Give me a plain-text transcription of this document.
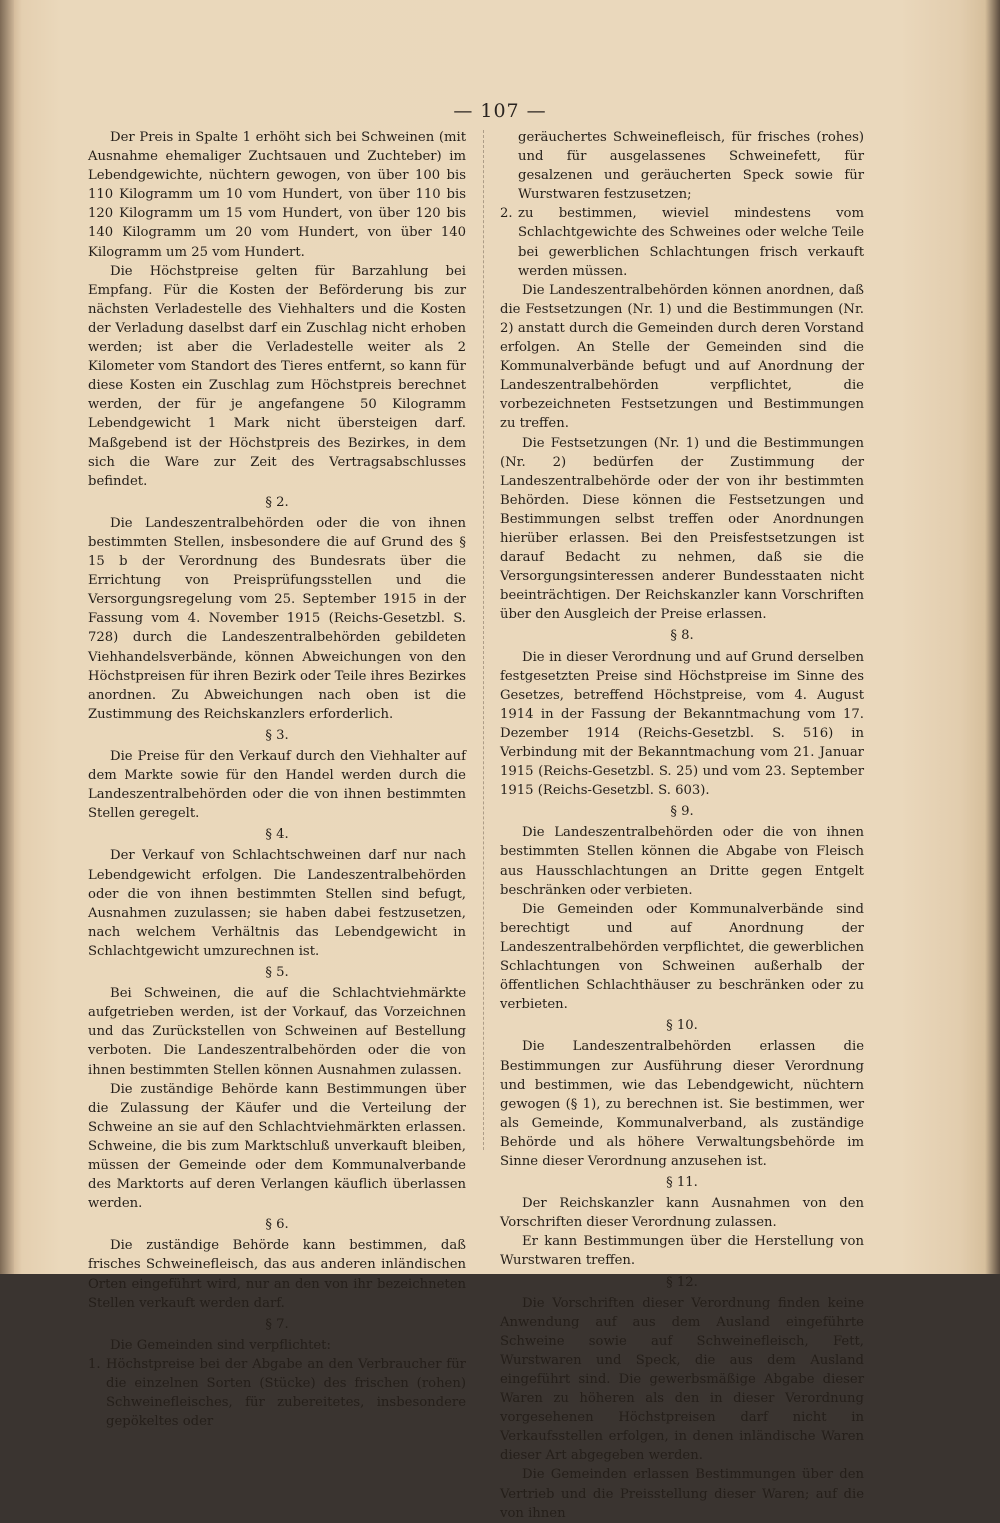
— 107 —

Der Preis in Spalte 1 erhöht sich bei Schweinen (mit Ausnahme ehemaliger Zuchtsauen und Zuchteber) im Lebendgewichte, nüchtern gewogen, von über 100 bis 110 Kilogramm um 10 vom Hundert, von über 110 bis 120 Kilogramm um 15 vom Hundert, von über 120 bis 140 Kilogramm um 20 vom Hundert, von über 140 Kilogramm um 25 vom Hundert.

Die Höchstpreise gelten für Barzahlung bei Empfang. Für die Kosten der Beförderung bis zur nächsten Verladestelle des Viehhalters und die Kosten der Verladung daselbst darf ein Zuschlag nicht erhoben werden; ist aber die Verladestelle weiter als 2 Kilometer vom Standort des Tieres entfernt, so kann für diese Kosten ein Zuschlag zum Höchstpreis berechnet werden, der für je angefangene 50 Kilogramm Lebendgewicht 1 Mark nicht übersteigen darf. Maßgebend ist der Höchstpreis des Bezirkes, in dem sich die Ware zur Zeit des Vertragsabschlusses befindet.

§ 2.

Die Landeszentralbehörden oder die von ihnen bestimmten Stellen, insbesondere die auf Grund des § 15 b der Verordnung des Bundesrats über die Errichtung von Preisprüfungsstellen und die Versorgungsregelung vom 25. September 1915 in der Fassung vom 4. November 1915 (Reichs-Gesetzbl. S. 728) durch die Landeszentralbehörden gebildeten Viehhandelsverbände, können Abweichungen von den Höchstpreisen für ihren Bezirk oder Teile ihres Bezirkes anordnen. Zu Abweichungen nach oben ist die Zustimmung des Reichskanzlers erforderlich.

§ 3.

Die Preise für den Verkauf durch den Viehhalter auf dem Markte sowie für den Handel werden durch die Landeszentralbehörden oder die von ihnen bestimmten Stellen geregelt.

§ 4.

Der Verkauf von Schlachtschweinen darf nur nach Lebendgewicht erfolgen. Die Landeszentralbehörden oder die von ihnen bestimmten Stellen sind befugt, Ausnahmen zuzulassen; sie haben dabei festzusetzen, nach welchem Verhältnis das Lebendgewicht in Schlachtgewicht umzurechnen ist.

§ 5.

Bei Schweinen, die auf die Schlachtviehmärkte aufgetrieben werden, ist der Vorkauf, das Vorzeichnen und das Zurückstellen von Schweinen auf Bestellung verboten. Die Landeszentralbehörden oder die von ihnen bestimmten Stellen können Ausnahmen zulassen.

Die zuständige Behörde kann Bestimmungen über die Zulassung der Käufer und die Verteilung der Schweine an sie auf den Schlachtviehmärkten erlassen. Schweine, die bis zum Marktschluß unverkauft bleiben, müssen der Gemeinde oder dem Kommunalverbande des Marktorts auf deren Verlangen käuflich überlassen werden.

§ 6.

Die zuständige Behörde kann bestimmen, daß frisches Schweinefleisch, das aus anderen inländischen Orten eingeführt wird, nur an den von ihr bezeichneten Stellen verkauft werden darf.

§ 7.

Die Gemeinden sind verpflichtet:

1. Höchstpreise bei der Abgabe an den Verbraucher für die einzelnen Sorten (Stücke) des frischen (rohen) Schweinefleisches, für zubereitetes, insbesondere gepökeltes oder
geräuchertes Schweinefleisch, für frisches (rohes) und für ausgelassenes Schweinefett, für gesalzenen und geräucherten Speck sowie für Wurstwaren festzusetzen;
2. zu bestimmen, wieviel mindestens vom Schlachtgewichte des Schweines oder welche Teile bei gewerblichen Schlachtungen frisch verkauft werden müssen.

Die Landeszentralbehörden können anordnen, daß die Festsetzungen (Nr. 1) und die Bestimmungen (Nr. 2) anstatt durch die Gemeinden durch deren Vorstand erfolgen. An Stelle der Gemeinden sind die Kommunalverbände befugt und auf Anordnung der Landeszentralbehörden verpflichtet, die vorbezeichneten Festsetzungen und Bestimmungen zu treffen.

Die Festsetzungen (Nr. 1) und die Bestimmungen (Nr. 2) bedürfen der Zustimmung der Landeszentralbehörde oder der von ihr bestimmten Behörden. Diese können die Festsetzungen und Bestimmungen selbst treffen oder Anordnungen hierüber erlassen. Bei den Preisfestsetzungen ist darauf Bedacht zu nehmen, daß sie die Versorgungsinteressen anderer Bundesstaaten nicht beeinträchtigen. Der Reichskanzler kann Vorschriften über den Ausgleich der Preise erlassen.

§ 8.

Die in dieser Verordnung und auf Grund derselben festgesetzten Preise sind Höchstpreise im Sinne des Gesetzes, betreffend Höchstpreise, vom 4. August 1914 in der Fassung der Bekanntmachung vom 17. Dezember 1914 (Reichs-Gesetzbl. S. 516) in Verbindung mit der Bekanntmachung vom 21. Januar 1915 (Reichs-Gesetzbl. S. 25) und vom 23. September 1915 (Reichs-Gesetzbl. S. 603).

§ 9.

Die Landeszentralbehörden oder die von ihnen bestimmten Stellen können die Abgabe von Fleisch aus Hausschlachtungen an Dritte gegen Entgelt beschränken oder verbieten.

Die Gemeinden oder Kommunalverbände sind berechtigt und auf Anordnung der Landeszentralbehörden verpflichtet, die gewerblichen Schlachtungen von Schweinen außerhalb der öffentlichen Schlachthäuser zu beschränken oder zu verbieten.

§ 10.

Die Landeszentralbehörden erlassen die Bestimmungen zur Ausführung dieser Verordnung und bestimmen, wie das Lebendgewicht, nüchtern gewogen (§ 1), zu berechnen ist. Sie bestimmen, wer als Gemeinde, Kommunalverband, als zuständige Behörde und als höhere Verwaltungsbehörde im Sinne dieser Verordnung anzusehen ist.

§ 11.

Der Reichskanzler kann Ausnahmen von den Vorschriften dieser Verordnung zulassen.

Er kann Bestimmungen über die Herstellung von Wurstwaren treffen.

§ 12.

Die Vorschriften dieser Verordnung finden keine Anwendung auf aus dem Ausland eingeführte Schweine sowie auf Schweinefleisch, Fett, Wurstwaren und Speck, die aus dem Ausland eingeführt sind. Die gewerbsmäßige Abgabe dieser Waren zu höheren als den in dieser Verordnung vorgesehenen Höchstpreisen darf nicht in Verkaufsstellen erfolgen, in denen inländische Waren dieser Art abgegeben werden.

Die Gemeinden erlassen Bestimmungen über den Vertrieb und die Preisstellung dieser Waren; auf die von ihnen
